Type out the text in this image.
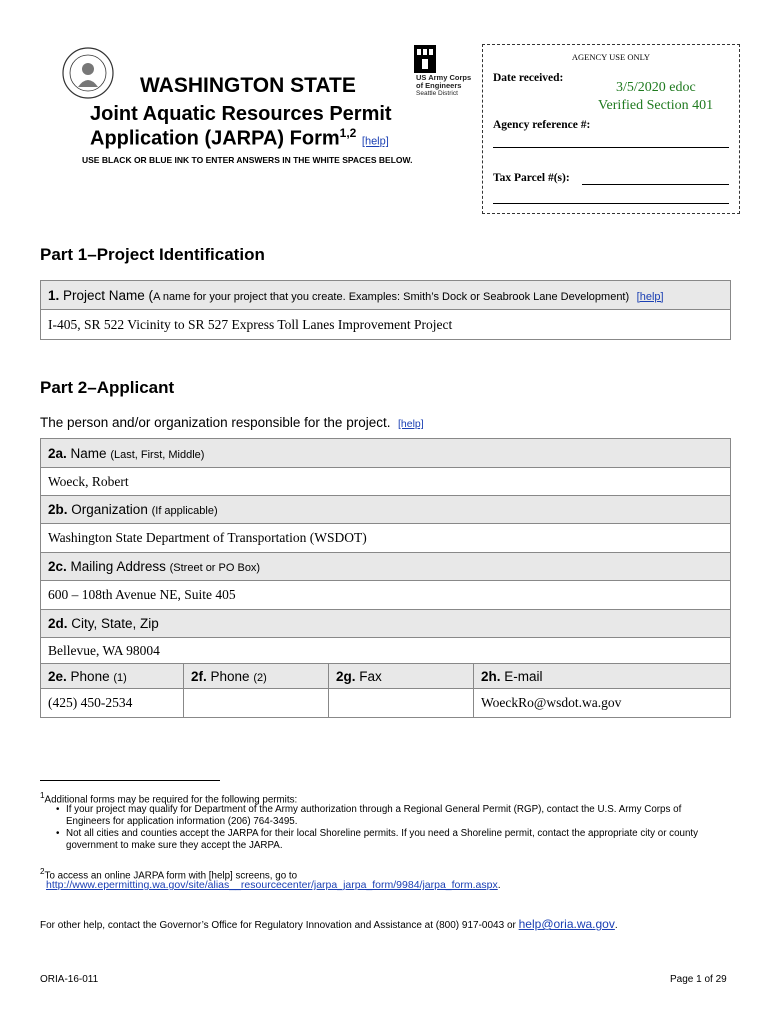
WASHINGTON STATE
Joint Aquatic Resources Permit
Application (JARPA) Form$^{1,2}$ [help]
USE BLACK OR BLUE INK TO ENTER ANSWERS IN THE WHITE SPACES BELOW.
US Army Corps
of Engineers
Seattle District
AGENCY USE ONLY
Date received:
3/5/2020 edoc
Verified Section 401
Agency reference #:
Tax Parcel #(s):
Part 1–Project Identification
1. Project Name (A name for your project that you create. Examples: Smith’s Dock or Seabrook Lane Development) [help]
I-405, SR 522 Vicinity to SR 527 Express Toll Lanes Improvement Project
Part 2–Applicant
The person and/or organization responsible for the project. [help]
2a. Name (Last, First, Middle)			
Woeck, Robert			
2b. Organization (If applicable)			
Washington State Department of Transportation (WSDOT)			
2c. Mailing Address (Street or PO Box)			
600 – 108th Avenue NE, Suite 405			
2d. City, State, Zip			
Bellevue, WA 98004			
2e. Phone (1)	2f. Phone (2)	2g. Fax	2h. E-mail
(425) 450-2534			WoeckRo@wsdot.wa.gov
$^1$Additional forms may be required for the following permits:
• If your project may qualify for Department of the Army authorization through a Regional General Permit (RGP), contact the U.S. Army Corps of Engineers for application information (206) 764-3495.
• Not all cities and counties accept the JARPA for their local Shoreline permits. If you need a Shoreline permit, contact the appropriate city or county government to make sure they accept the JARPA.
$^2$To access an online JARPA form with [help] screens, go to
http://www.epermitting.wa.gov/site/alias__resourcecenter/jarpa_jarpa_form/9984/jarpa_form.aspx.
For other help, contact the Governor’s Office for Regulatory Innovation and Assistance at (800) 917-0043 or help@oria.wa.gov.
ORIA-16-011	Page 1 of 29
